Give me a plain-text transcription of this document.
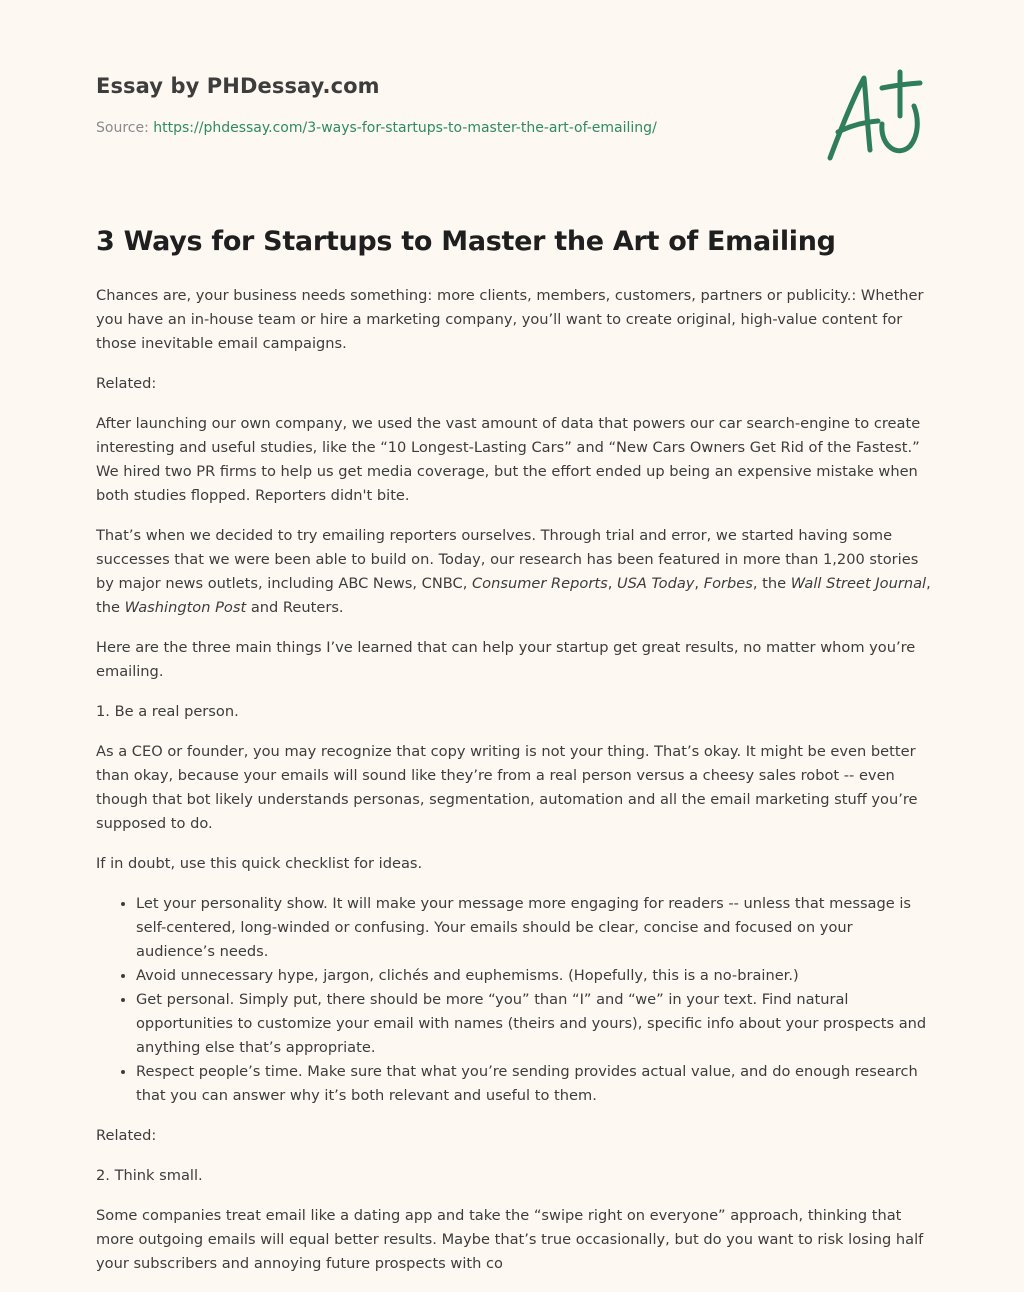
Essay by PHDessay.com
Source: https://phdessay.com/3-ways-for-startups-to-master-the-art-of-emailing/
3 Ways for Startups to Master the Art of Emailing

Chances are, your business needs something: more clients, members, customers, partners or publicity.: Whether you have an in-house team or hire a marketing company, you’ll want to create original, high-value content for those inevitable email campaigns.

Related:

After launching our own company, we used the vast amount of data that powers our car search-engine to create interesting and useful studies, like the “10 Longest-Lasting Cars” and “New Cars Owners Get Rid of the Fastest.” We hired two PR firms to help us get media coverage, but the effort ended up being an expensive mistake when both studies flopped. Reporters didn't bite.

That’s when we decided to try emailing reporters ourselves. Through trial and error, we started having some successes that we were been able to build on. Today, our research has been featured in more than 1,200 stories by major news outlets, including ABC News, CNBC, Consumer Reports, USA Today, Forbes, the Wall Street Journal, the Washington Post and Reuters.

Here are the three main things I’ve learned that can help your startup get great results, no matter whom you’re emailing.

1. Be a real person.

As a CEO or founder, you may recognize that copy writing is not your thing. That’s okay. It might be even better than okay, because your emails will sound like they’re from a real person versus a cheesy sales robot -- even though that bot likely understands personas, segmentation, automation and all the email marketing stuff you’re supposed to do.

If in doubt, use this quick checklist for ideas.

• Let your personality show. It will make your message more engaging for readers -- unless that message is self-centered, long-winded or confusing. Your emails should be clear, concise and focused on your audience’s needs.
• Avoid unnecessary hype, jargon, clichés and euphemisms. (Hopefully, this is a no-brainer.)
• Get personal. Simply put, there should be more “you” than “I” and “we” in your text. Find natural opportunities to customize your email with names (theirs and yours), specific info about your prospects and anything else that’s appropriate.
• Respect people’s time. Make sure that what you’re sending provides actual value, and do enough research that you can answer why it’s both relevant and useful to them.

Related:

2. Think small.

Some companies treat email like a dating app and take the “swipe right on everyone” approach, thinking that more outgoing emails will equal better results. Maybe that’s true occasionally, but do you want to risk losing half your subscribers and annoying future prospects with co
